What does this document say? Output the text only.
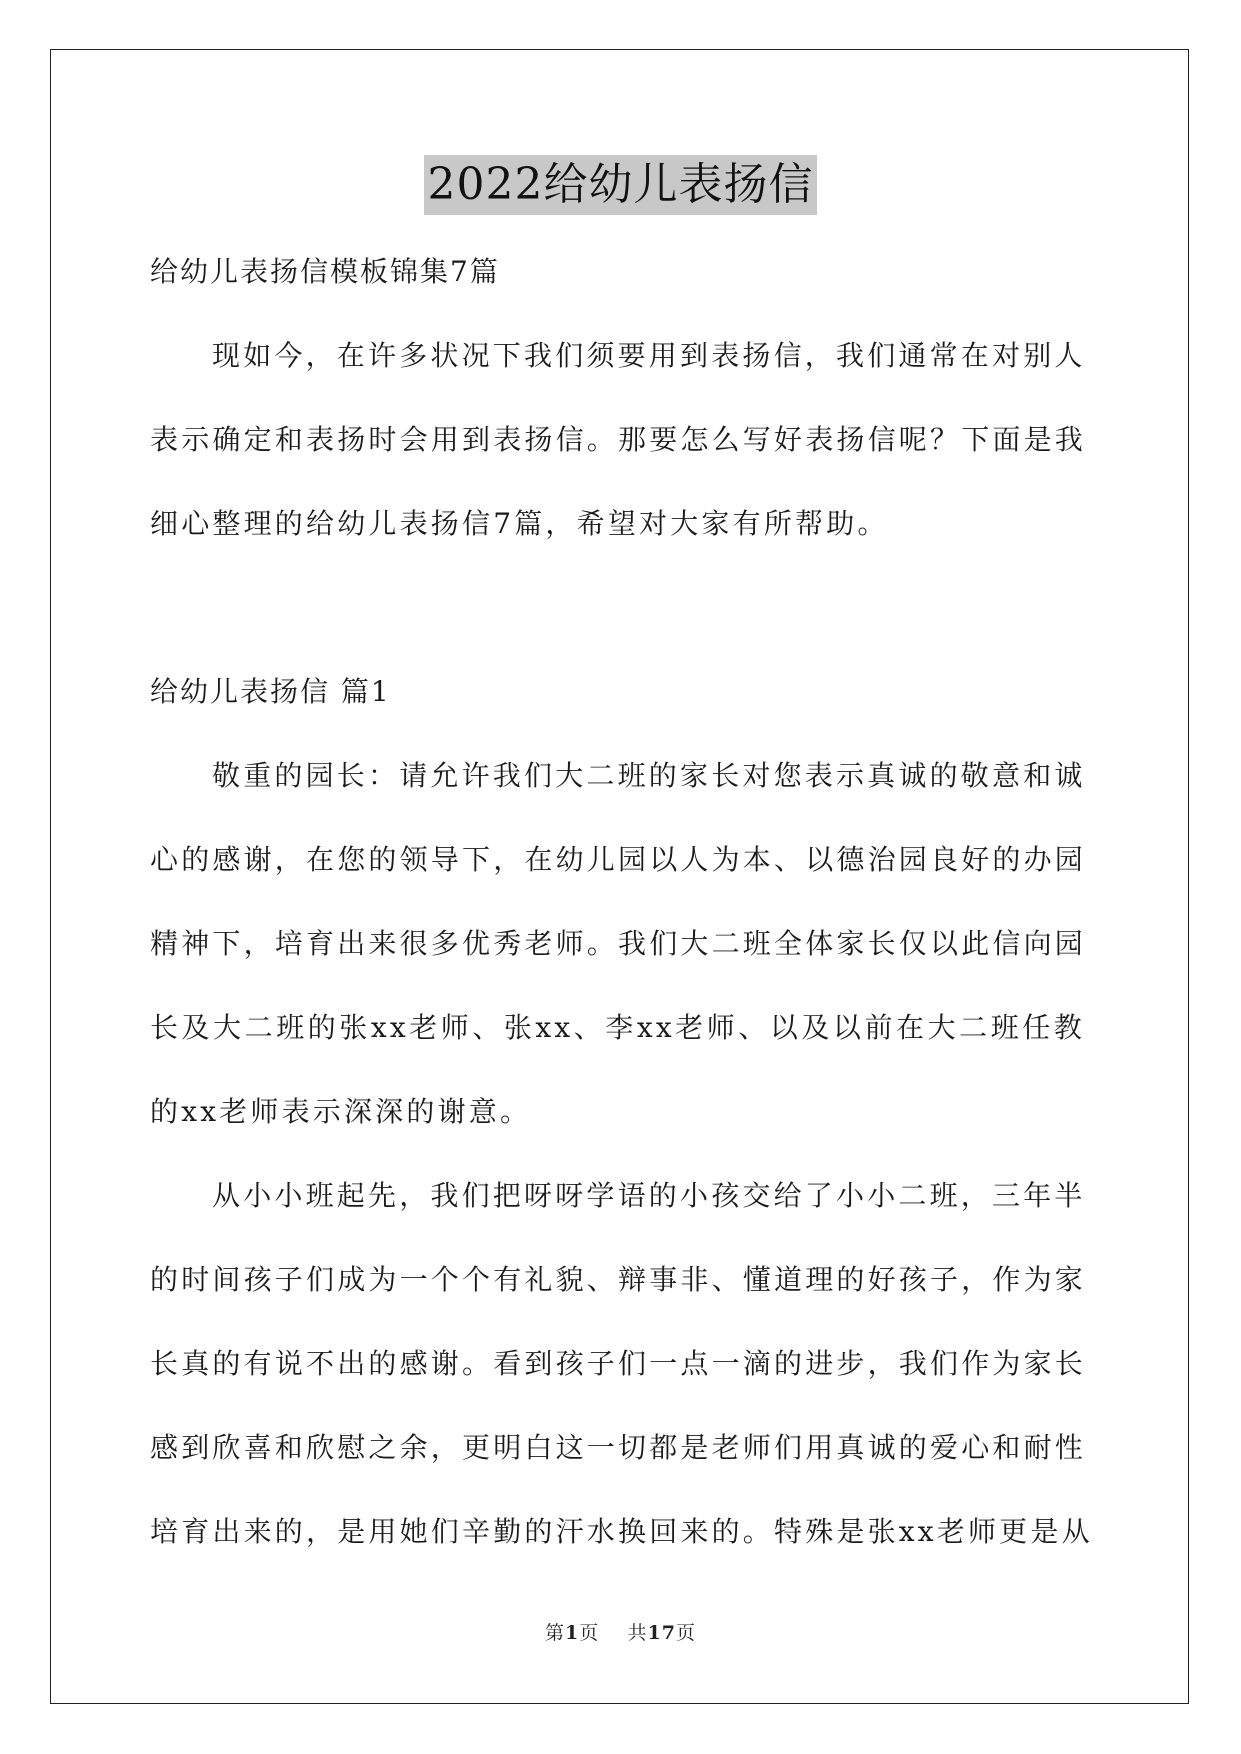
2022给幼儿表扬信
给幼儿表扬信模板锦集7篇
现如今，在许多状况下我们须要用到表扬信，我们通常在对别人
表示确定和表扬时会用到表扬信。那要怎么写好表扬信呢？下面是我
细心整理的给幼儿表扬信7篇，希望对大家有所帮助。
给幼儿表扬信 篇1
敬重的园长：请允许我们大二班的家长对您表示真诚的敬意和诚
心的感谢，在您的领导下，在幼儿园以人为本、以德治园良好的办园
精神下，培育出来很多优秀老师。我们大二班全体家长仅以此信向园
长及大二班的张xx老师、张xx、李xx老师、以及以前在大二班任教
的xx老师表示深深的谢意。
从小小班起先，我们把呀呀学语的小孩交给了小小二班，三年半
的时间孩子们成为一个个有礼貌、辩事非、懂道理的好孩子，作为家
长真的有说不出的感谢。看到孩子们一点一滴的进步，我们作为家长
感到欣喜和欣慰之余，更明白这一切都是老师们用真诚的爱心和耐性
培育出来的，是用她们辛勤的汗水换回来的。特殊是张xx老师更是从
第1页 共17页
